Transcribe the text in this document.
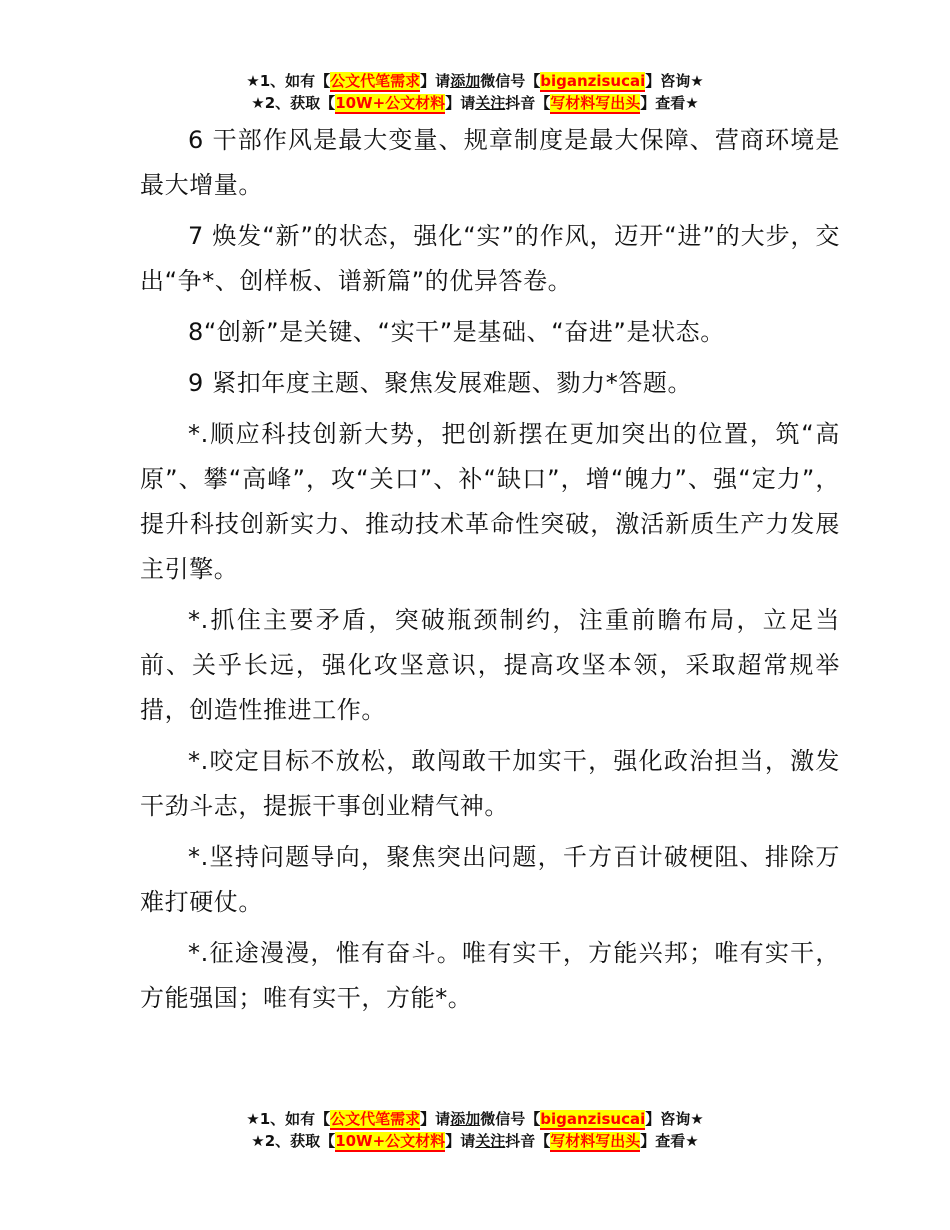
★1、如有【公文代笔需求】请添加微信号【biganzisucai】咨询★
★2、获取【10W+公文材料】请关注抖音【写材料写出头】查看★

6 干部作风是最大变量、规章制度是最大保障、营商环境是最大增量。

7 焕发“新”的状态，强化“实”的作风，迈开“进”的大步，交出“争*、创样板、谱新篇”的优异答卷。

8“创新”是关键、“实干”是基础、“奋进”是状态。

9 紧扣年度主题、聚焦发展难题、勠力*答题。

*.顺应科技创新大势，把创新摆在更加突出的位置，筑“高原”、攀“高峰”，攻“关口”、补“缺口”，增“魄力”、强“定力”，提升科技创新实力、推动技术革命性突破，激活新质生产力发展主引擎。

*.抓住主要矛盾，突破瓶颈制约，注重前瞻布局，立足当前、关乎长远，强化攻坚意识，提高攻坚本领，采取超常规举措，创造性推进工作。

*.咬定目标不放松，敢闯敢干加实干，强化政治担当，激发干劲斗志，提振干事创业精气神。

*.坚持问题导向，聚焦突出问题，千方百计破梗阻、排除万难打硬仗。

*.征途漫漫，惟有奋斗。唯有实干，方能兴邦；唯有实干，方能强国；唯有实干，方能*。

★1、如有【公文代笔需求】请添加微信号【biganzisucai】咨询★
★2、获取【10W+公文材料】请关注抖音【写材料写出头】查看★
